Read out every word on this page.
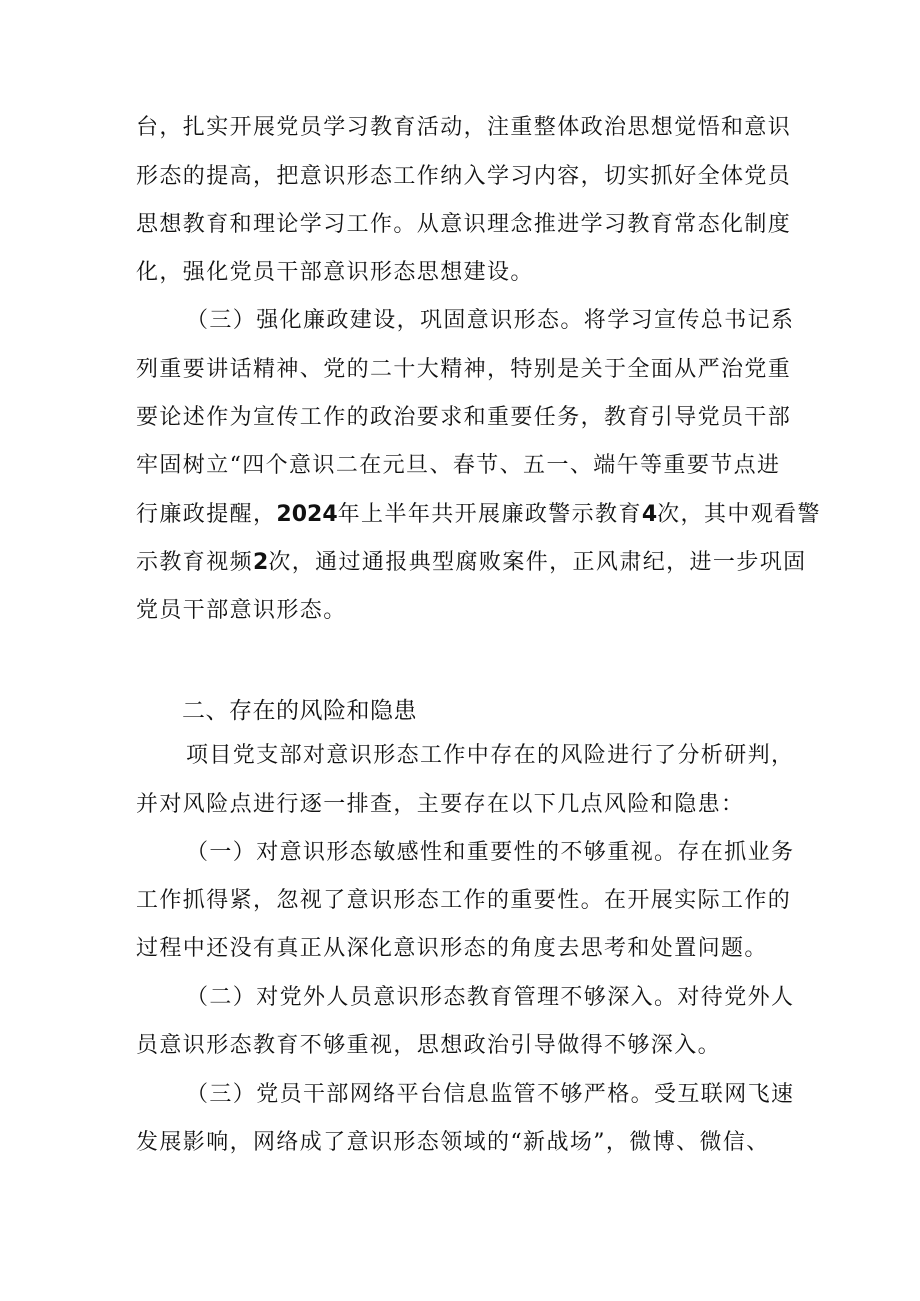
台，扎实开展党员学习教育活动，注重整体政治思想觉悟和意识
形态的提高，把意识形态工作纳入学习内容，切实抓好全体党员
思想教育和理论学习工作。从意识理念推进学习教育常态化制度
化，强化党员干部意识形态思想建设。
（三）强化廉政建设，巩固意识形态。将学习宣传总书记系
列重要讲话精神、党的二十大精神，特别是关于全面从严治党重
要论述作为宣传工作的政治要求和重要任务，教育引导党员干部
牢固树立“四个意识二在元旦、春节、五一、端午等重要节点进
行廉政提醒，2024年上半年共开展廉政警示教育4次，其中观看警
示教育视频2次，通过通报典型腐败案件，正风肃纪，进一步巩固
党员干部意识形态。
二、存在的风险和隐患
项目党支部对意识形态工作中存在的风险进行了分析研判，
并对风险点进行逐一排查，主要存在以下几点风险和隐患：
（一）对意识形态敏感性和重要性的不够重视。存在抓业务
工作抓得紧，忽视了意识形态工作的重要性。在开展实际工作的
过程中还没有真正从深化意识形态的角度去思考和处置问题。
（二）对党外人员意识形态教育管理不够深入。对待党外人
员意识形态教育不够重视，思想政治引导做得不够深入。
（三）党员干部网络平台信息监管不够严格。受互联网飞速
发展影响，网络成了意识形态领域的“新战场”，微博、微信、
